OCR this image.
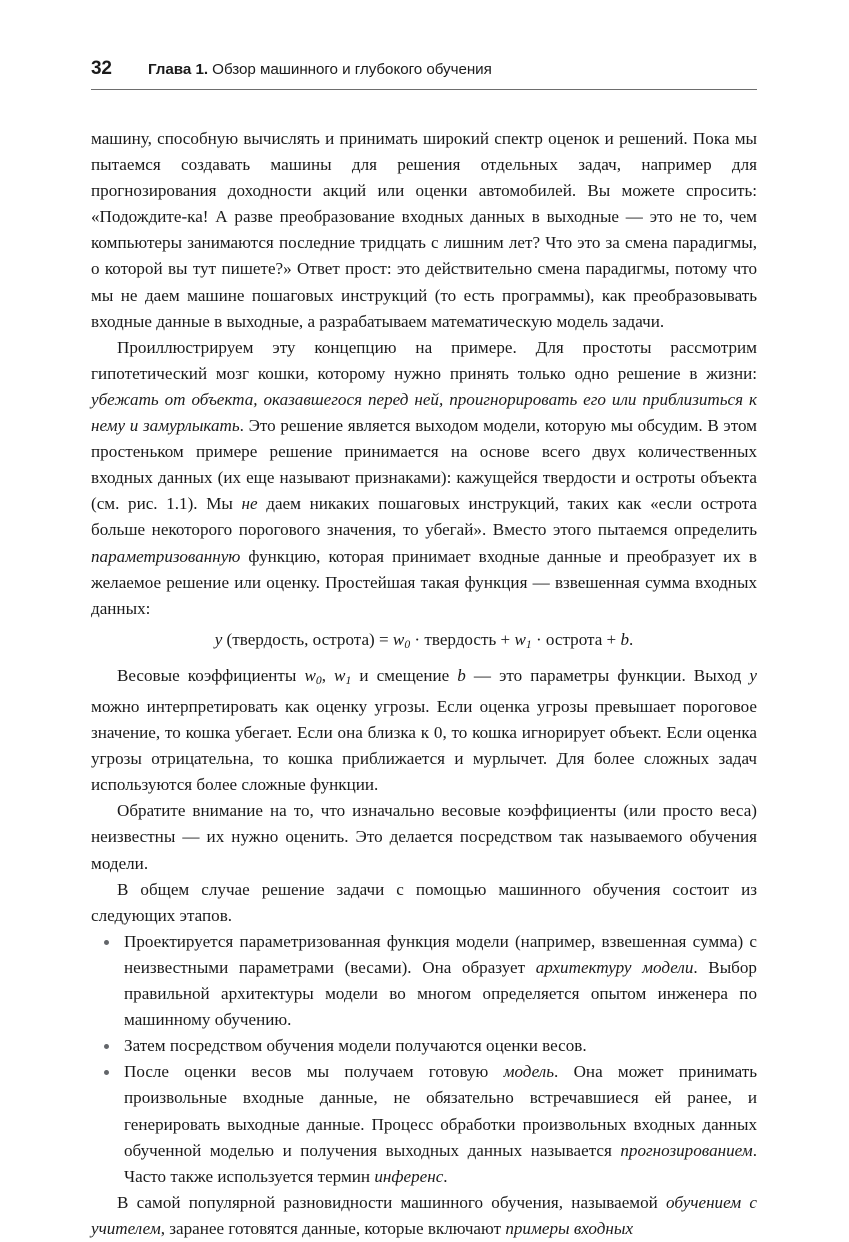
32	Глава 1. Обзор машинного и глубокого обучения

машину, способную вычислять и принимать широкий спектр оценок и решений. Пока мы пытаемся создавать машины для решения отдельных задач, например для прогнозирования доходности акций или оценки автомобилей. Вы можете спросить: «Подождите-ка! А разве преобразование входных данных в выходные — это не то, чем компьютеры занимаются последние тридцать с лишним лет? Что это за смена парадигмы, о которой вы тут пишете?» Ответ прост: это действительно смена парадигмы, потому что мы не даем машине пошаговых инструкций (то есть программы), как преобразовывать входные данные в выходные, а разрабатываем математическую модель задачи.

Проиллюстрируем эту концепцию на примере. Для простоты рассмотрим гипотетический мозг кошки, которому нужно принять только одно решение в жизни: убежать от объекта, оказавшегося перед ней, проигнорировать его или приблизиться к нему и замурлыкать. Это решение является выходом модели, которую мы обсудим. В этом простеньком примере решение принимается на основе всего двух количественных входных данных (их еще называют признаками): кажущейся твердости и остроты объекта (см. рис. 1.1). Мы не даем никаких пошаговых инструкций, таких как «если острота больше некоторого порогового значения, то убегай». Вместо этого пытаемся определить параметризованную функцию, которая принимает входные данные и преобразует их в желаемое решение или оценку. Простейшая такая функция — взвешенная сумма входных данных:

y (твердость, острота) = $w_0$ · твердость + $w_1$ · острота + b.

Весовые коэффициенты $w_0$, $w_1$ и смещение b — это параметры функции. Выход y можно интерпретировать как оценку угрозы. Если оценка угрозы превышает пороговое значение, то кошка убегает. Если она близка к 0, то кошка игнорирует объект. Если оценка угрозы отрицательна, то кошка приближается и мурлычет. Для более сложных задач используются более сложные функции.

Обратите внимание на то, что изначально весовые коэффициенты (или просто веса) неизвестны — их нужно оценить. Это делается посредством так называемого обучения модели.

В общем случае решение задачи с помощью машинного обучения состоит из следующих этапов.

Проектируется параметризованная функция модели (например, взвешенная сумма) с неизвестными параметрами (весами). Она образует архитектуру модели. Выбор правильной архитектуры модели во многом определяется опытом инженера по машинному обучению.
Затем посредством обучения модели получаются оценки весов.
После оценки весов мы получаем готовую модель. Она может принимать произвольные входные данные, не обязательно встречавшиеся ей ранее, и генерировать выходные данные. Процесс обработки произвольных входных данных обученной моделью и получения выходных данных называется прогнозированием. Часто также используется термин инференс.

В самой популярной разновидности машинного обучения, называемой обучением с учителем, заранее готовятся данные, которые включают примеры входных
